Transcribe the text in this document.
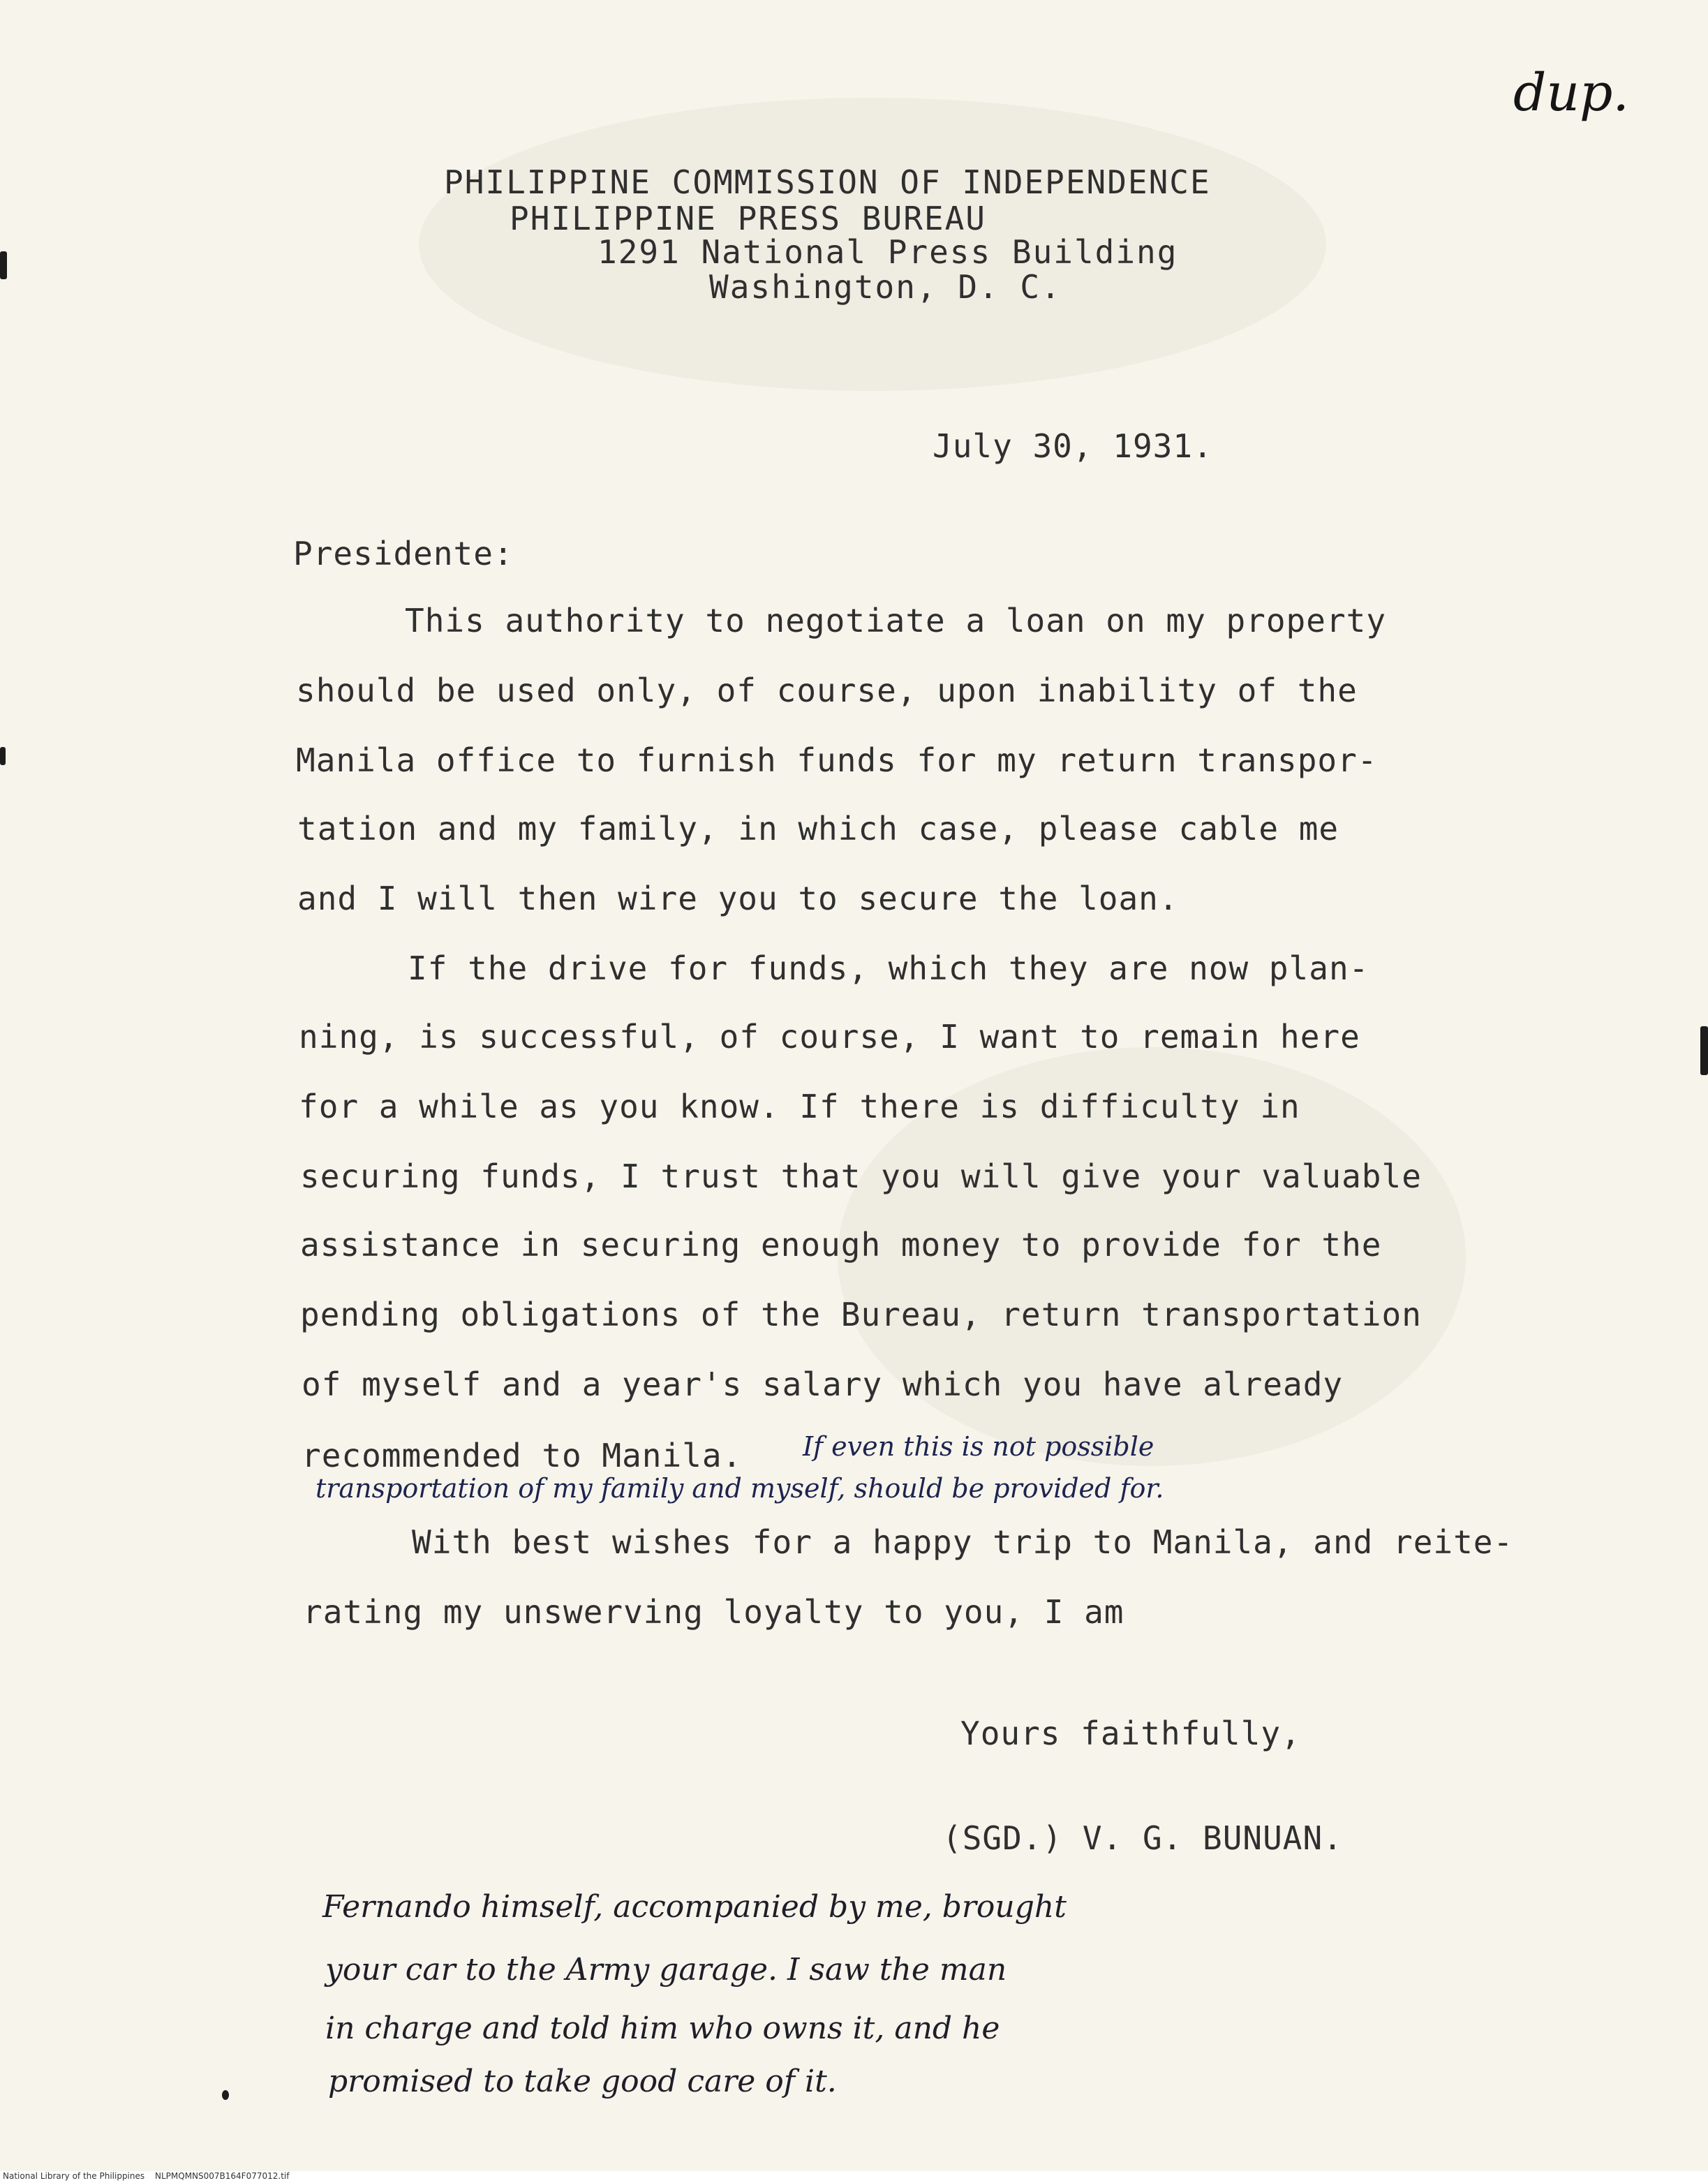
dup.
PHILIPPINE COMMISSION OF INDEPENDENCE
PHILIPPINE PRESS BUREAU
1291 National Press Building
Washington, D. C.
July 30, 1931.
Presidente:
This authority to negotiate a loan on my property
should be used only, of course, upon inability of the
Manila office to furnish funds for my return transpor-
tation and my family, in which case, please cable me
and I will then wire you to secure the loan.
If the drive for funds, which they are now plan-
ning, is successful, of course, I want to remain here
for a while as you know. If there is difficulty in
securing funds, I trust that you will give your valuable
assistance in securing enough money to provide for the
pending obligations of the Bureau, return transportation
of myself and a year's salary which you have already
recommended to Manila. If even this is not possible
transportation of my family and myself, should be provided for.
With best wishes for a happy trip to Manila, and reite-
rating my unswerving loyalty to you, I am
Yours faithfully,
(SGD.) V. G. BUNUAN.
Fernando himself, accompanied by me, brought
your car to the Army garage. I saw the man
in charge and told him who owns it, and he
promised to take good care of it.
National Library of the Philippines NLPMQMNS007B164F077012.tif
